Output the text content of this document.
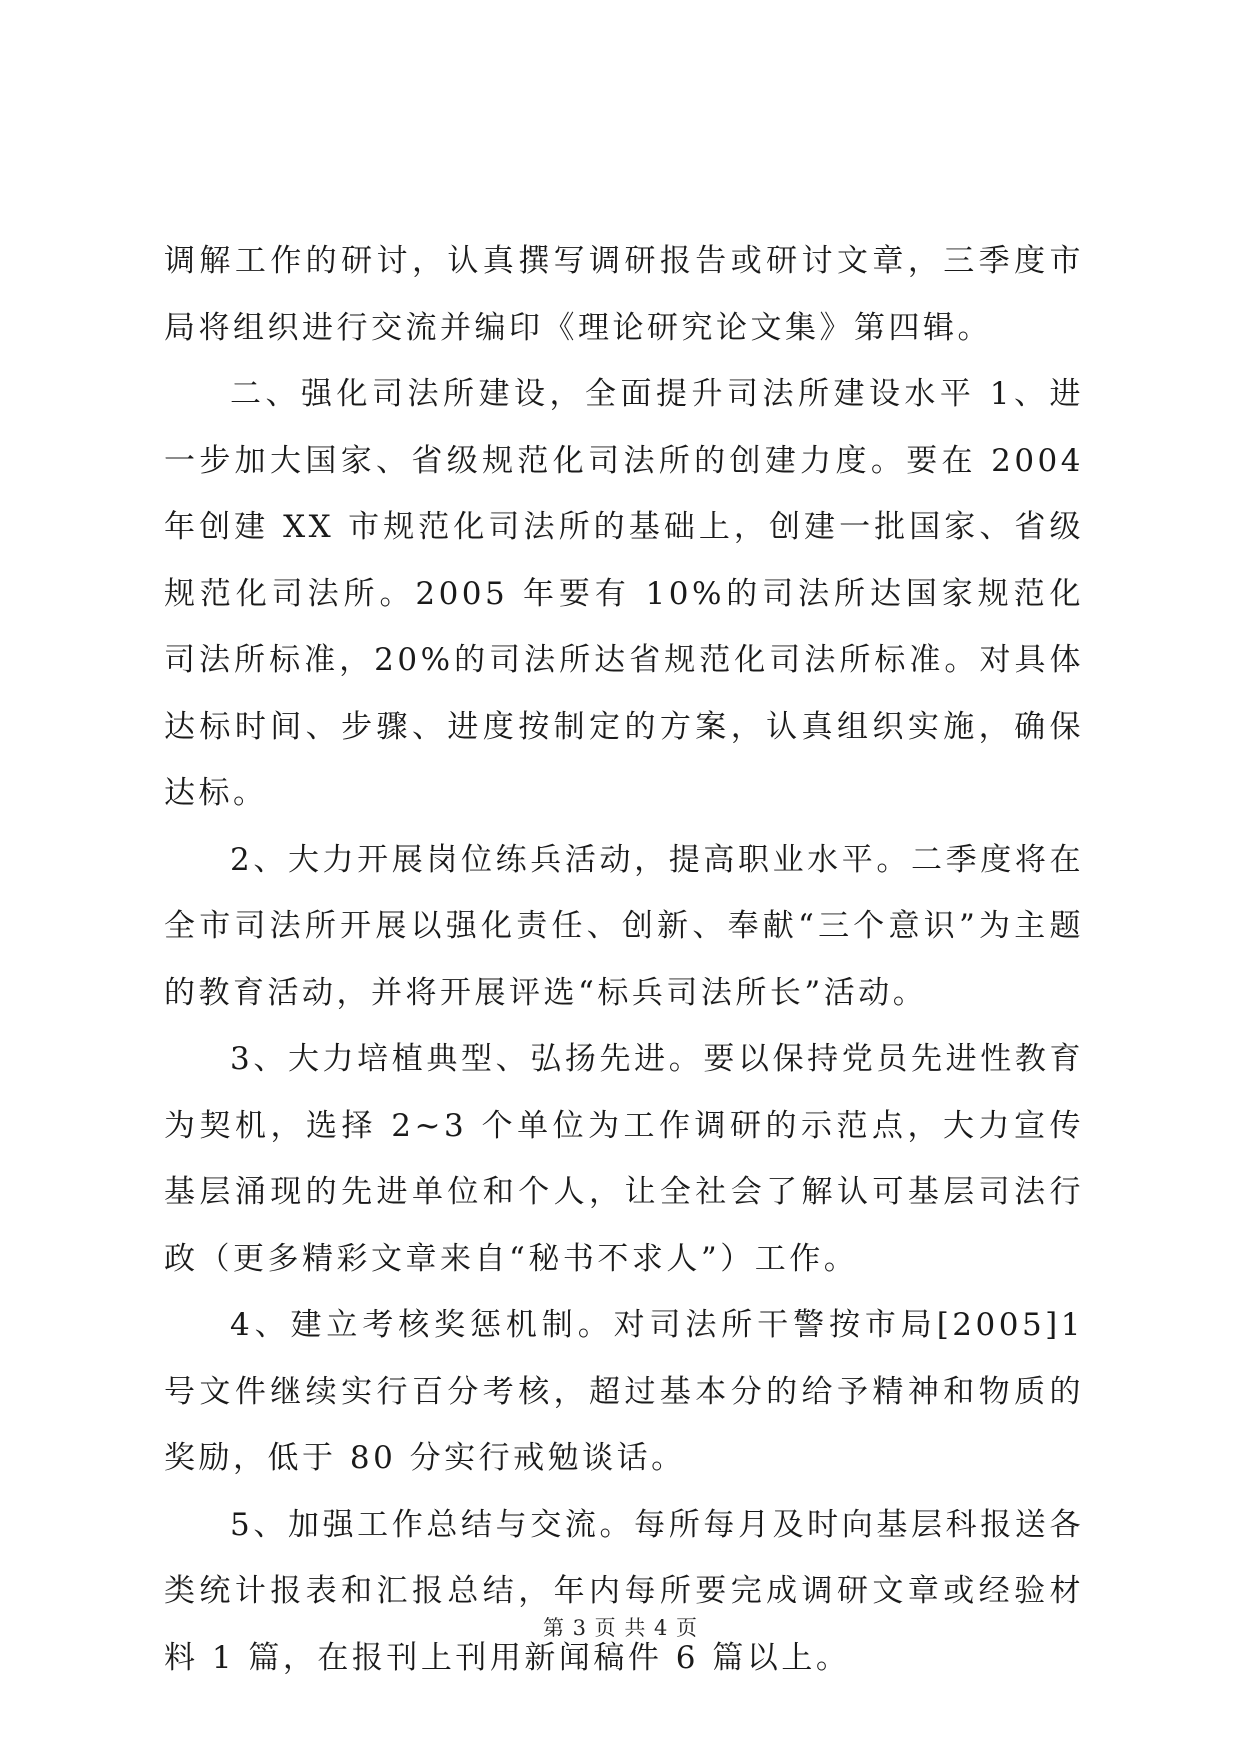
调解工作的研讨，认真撰写调研报告或研讨文章，三季度市局将组织进行交流并编印《理论研究论文集》第四辑。

二、强化司法所建设，全面提升司法所建设水平 1、进一步加大国家、省级规范化司法所的创建力度。要在 2004 年创建 XX 市规范化司法所的基础上，创建一批国家、省级规范化司法所。2005 年要有 10%的司法所达国家规范化司法所标准，20%的司法所达省规范化司法所标准。对具体达标时间、步骤、进度按制定的方案，认真组织实施，确保达标。

2、大力开展岗位练兵活动，提高职业水平。二季度将在全市司法所开展以强化责任、创新、奉献“三个意识”为主题的教育活动，并将开展评选“标兵司法所长”活动。

3、大力培植典型、弘扬先进。要以保持党员先进性教育为契机，选择 2~3 个单位为工作调研的示范点，大力宣传基层涌现的先进单位和个人，让全社会了解认可基层司法行政（更多精彩文章来自“秘书不求人”）工作。

4、建立考核奖惩机制。对司法所干警按市局[2005]1 号文件继续实行百分考核，超过基本分的给予精神和物质的奖励，低于 80 分实行戒勉谈话。

5、加强工作总结与交流。每所每月及时向基层科报送各类统计报表和汇报总结，年内每所要完成调研文章或经验材料 1 篇，在报刊上刊用新闻稿件 6 篇以上。

第 3 页 共 4 页
